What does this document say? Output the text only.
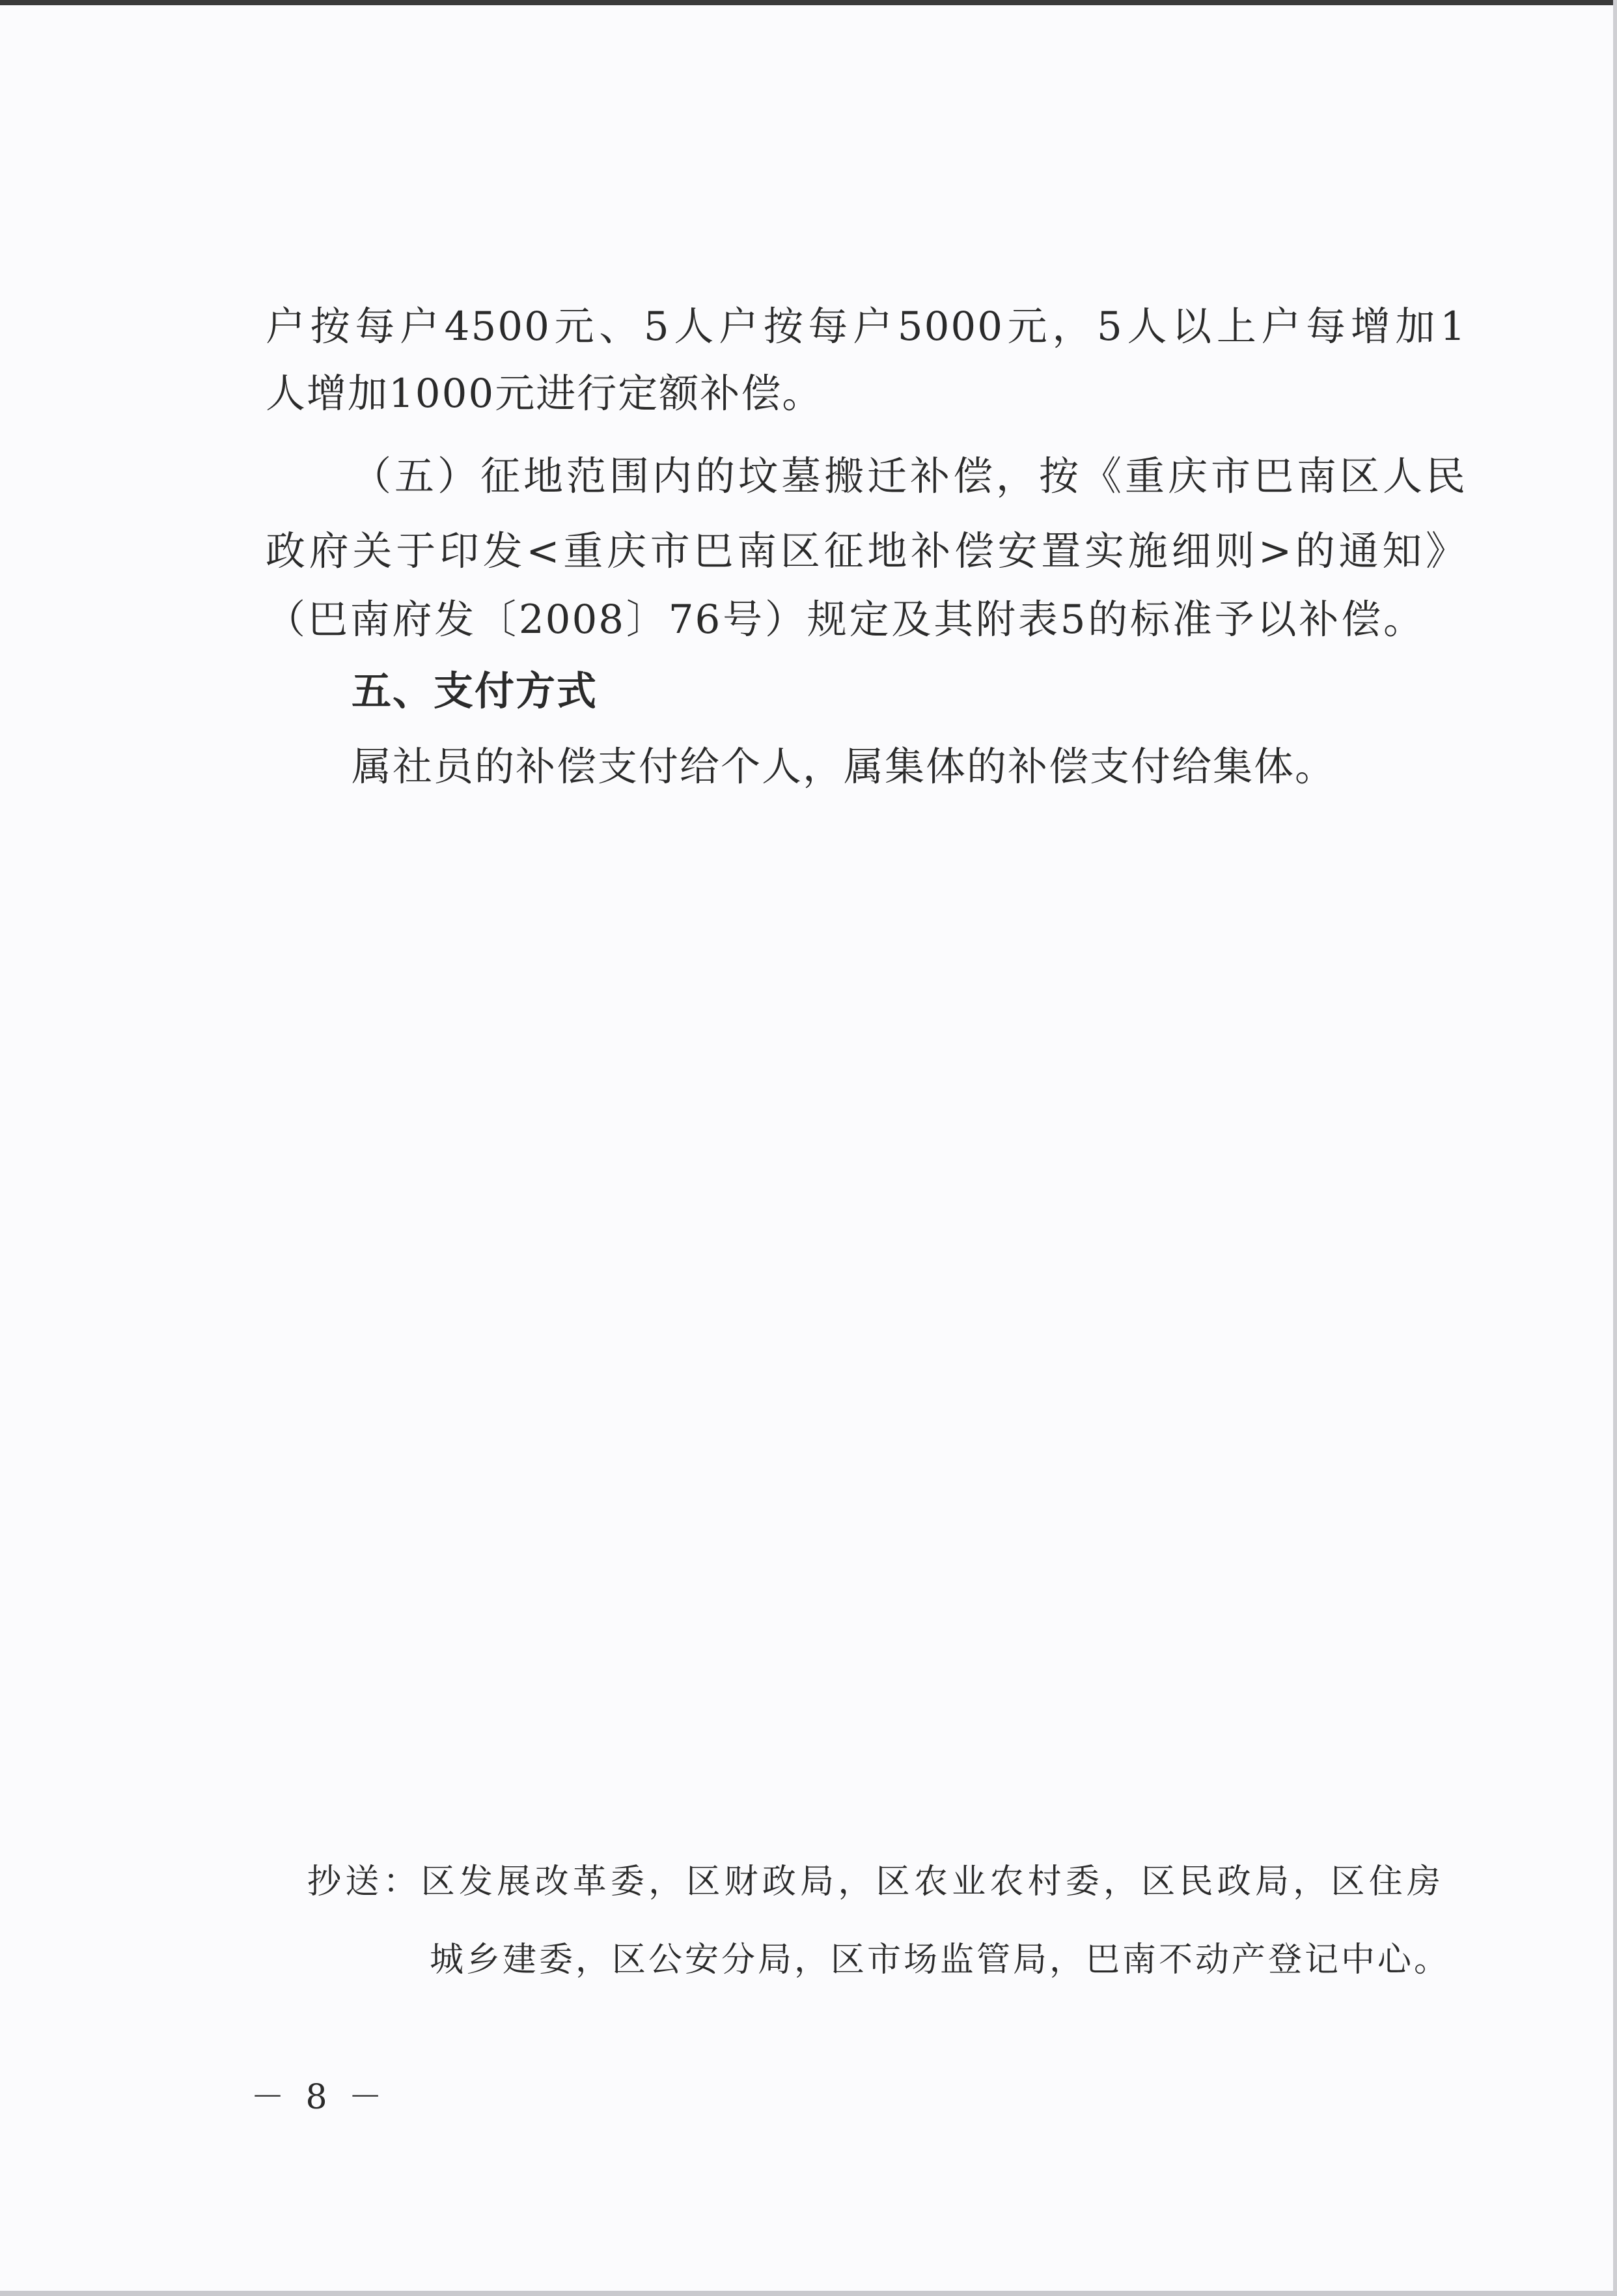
户按每户4500元、5人户按每户5000元，5人以上户每增加1
人增加1000元进行定额补偿。
（五）征地范围内的坟墓搬迁补偿，按《重庆市巴南区人民
政府关于印发<重庆市巴南区征地补偿安置实施细则>的通知》
（巴南府发〔2008〕76号）规定及其附表5的标准予以补偿。
五、支付方式
属社员的补偿支付给个人，属集体的补偿支付给集体。
抄送：区发展改革委，区财政局，区农业农村委，区民政局，区住房
城乡建委，区公安分局，区市场监管局，巴南不动产登记中心。
－ 8 －
